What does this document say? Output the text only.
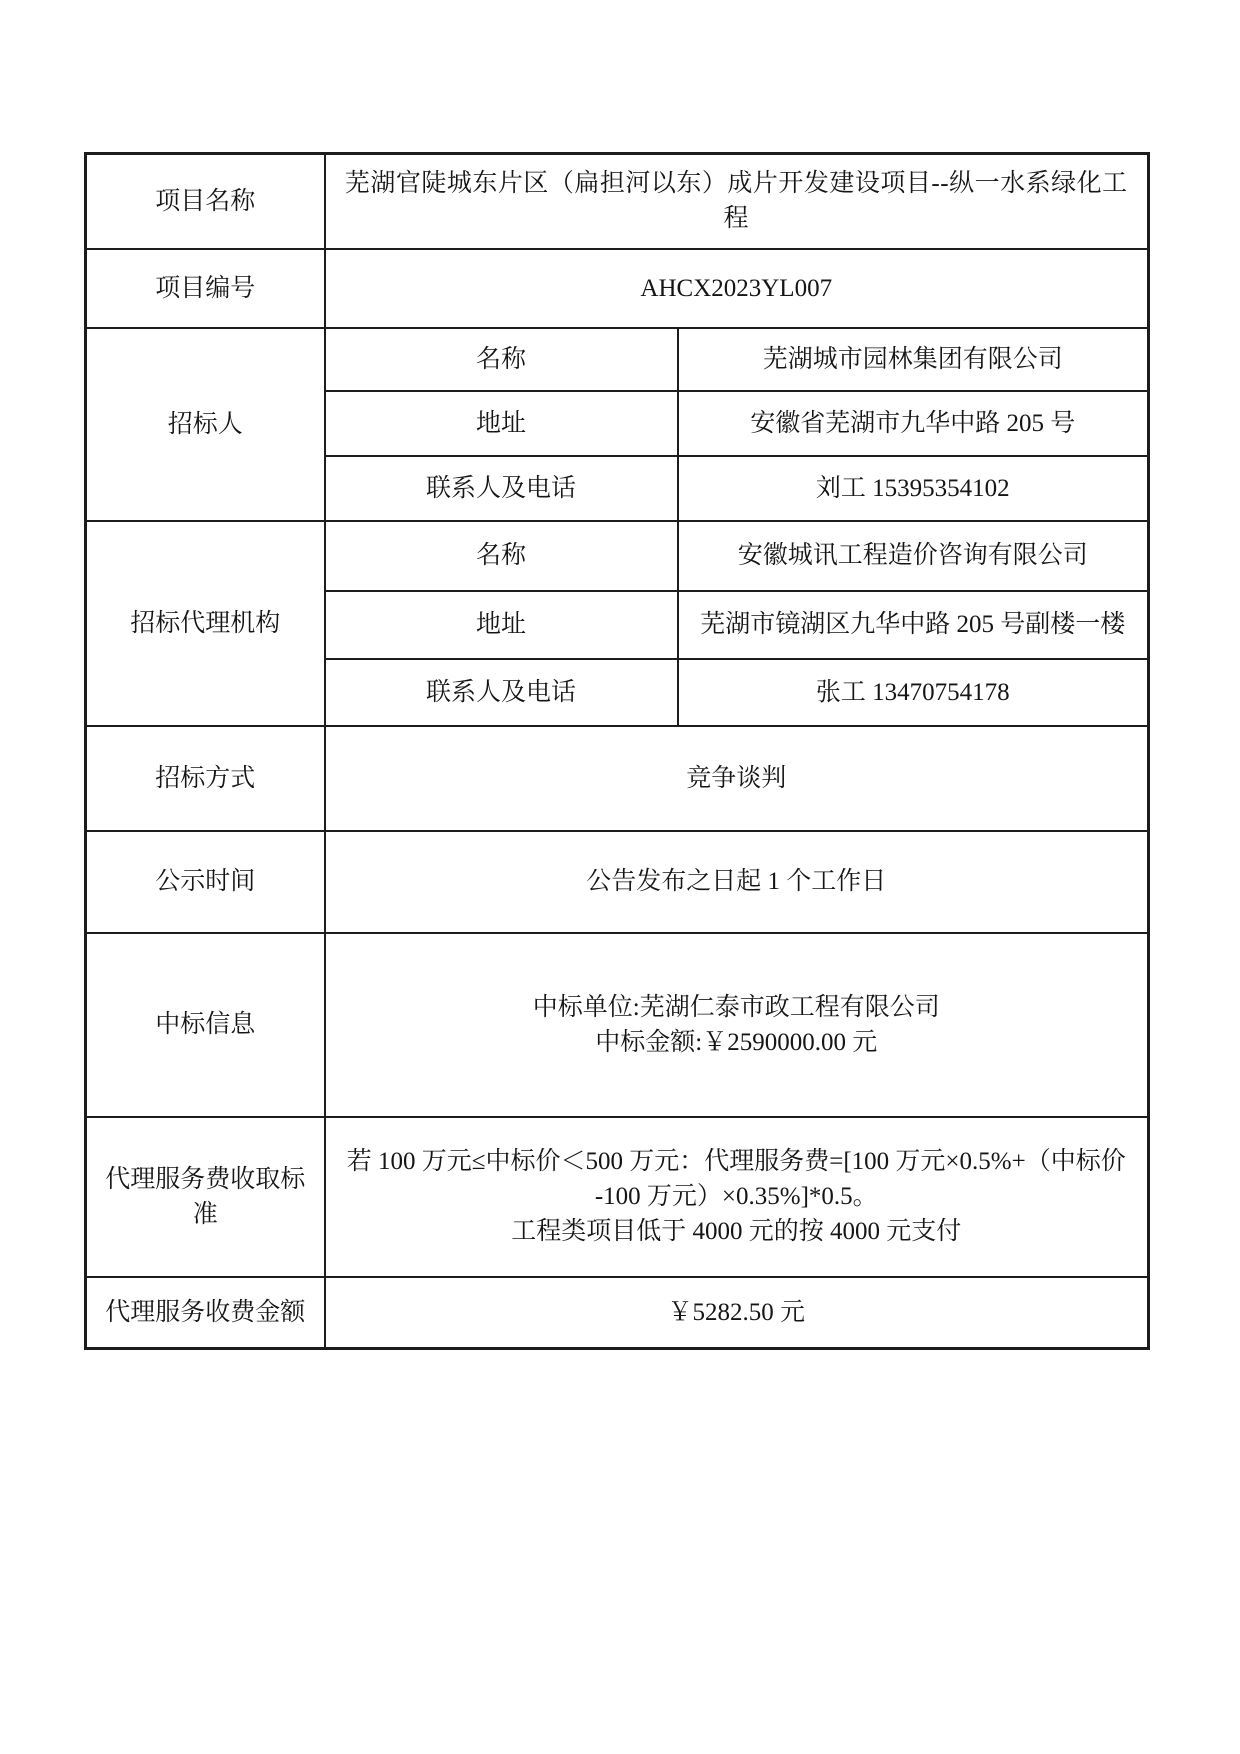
项目名称	芜湖官陡城东片区（扁担河以东）成片开发建设项目--纵一水系绿化工程	
项目编号	AHCX2023YL007	
招标人	名称	芜湖城市园林集团有限公司
	地址	安徽省芜湖市九华中路 205 号
	联系人及电话	刘工 15395354102
招标代理机构	名称	安徽城讯工程造价咨询有限公司
	地址	芜湖市镜湖区九华中路 205 号副楼一楼
	联系人及电话	张工 13470754178
招标方式	竞争谈判	
公示时间	公告发布之日起 1 个工作日	
中标信息	中标单位:芜湖仁泰市政工程有限公司
中标金额:￥2590000.00 元	

代理服务费收取标准	若 100 万元≤中标价＜500 万元：代理服务费=[100 万元×0.5%+（中标价
-100 万元）×0.35%]*0.5。
工程类项目低于 4000 元的按 4000 元支付	

代理服务收费金额	￥5282.50 元	
